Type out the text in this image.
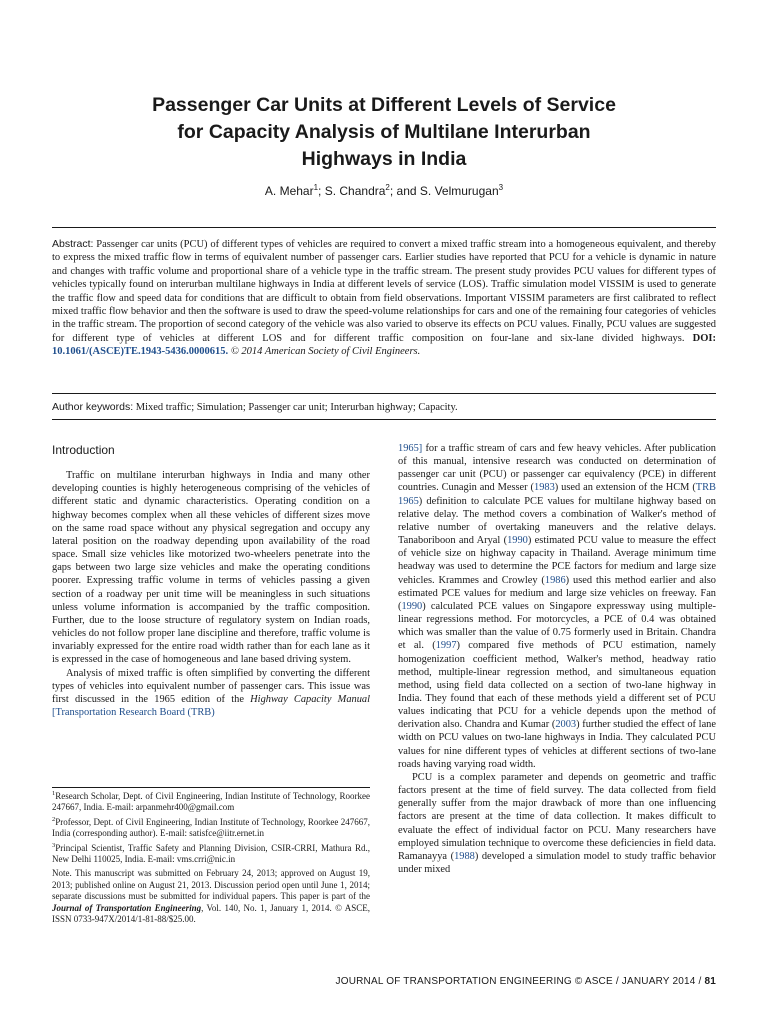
Passenger Car Units at Different Levels of Service
for Capacity Analysis of Multilane Interurban
Highways in India
A. Mehar$^1$; S. Chandra$^2$; and S. Velmurugan$^3$
Abstract: Passenger car units (PCU) of different types of vehicles are required to convert a mixed traffic stream into a homogeneous equivalent, and thereby to express the mixed traffic flow in terms of equivalent number of passenger cars. Earlier studies have reported that PCU for a vehicle is dynamic in nature and changes with traffic volume and proportional share of a vehicle type in the traffic stream. The present study provides PCU values for different types of vehicles typically found on interurban multilane highways in India at different levels of service (LOS). Traffic simulation model VISSIM is used to generate the traffic flow and speed data for conditions that are difficult to obtain from field observations. Important VISSIM parameters are first calibrated to reflect mixed traffic flow behavior and then the software is used to draw the speed-volume relationships for cars and one of the remaining four categories of vehicles in the traffic stream. The proportion of second category of the vehicle was also varied to observe its effects on PCU values. Finally, PCU values are suggested for different type of vehicles at different LOS and for different traffic composition on four-lane and six-lane divided highways. DOI: 10.1061/(ASCE)TE.1943-5436.0000615. © 2014 American Society of Civil Engineers.
Author keywords: Mixed traffic; Simulation; Passenger car unit; Interurban highway; Capacity.
Introduction

Traffic on multilane interurban highways in India and many other developing counties is highly heterogeneous comprising of the vehicles of different static and dynamic characteristics. Operating condition on a highway becomes complex when all these vehicles of different sizes move on the same road space without any physical segregation and occupy any lateral position on the roadway depending upon availability of the road space. Small size vehicles like motorized two-wheelers penetrate into the gaps between two large size vehicles and make the operating conditions poorer. Expressing traffic volume in terms of vehicles passing a given section of a roadway per unit time will be meaningless in such situations unless volume information is accompanied by the traffic composition. Further, due to the loose structure of regulatory system on Indian roads, vehicles do not follow proper lane discipline and therefore, traffic volume is invariably expressed for the entire road width rather than for each lane as it is expressed in the case of homogeneous and lane based driving system.

Analysis of mixed traffic is often simplified by converting the different types of vehicles into equivalent number of passenger cars. This issue was first discussed in the 1965 edition of the Highway Capacity Manual [Transportation Research Board (TRB)

$^1$Research Scholar, Dept. of Civil Engineering, Indian Institute of Technology, Roorkee 247667, India. E-mail: arpanmehr400@gmail.com

$^2$Professor, Dept. of Civil Engineering, Indian Institute of Technology, Roorkee 247667, India (corresponding author). E-mail: satisfce@iitr.ernet.in

$^3$Principal Scientist, Traffic Safety and Planning Division, CSIR-CRRI, Mathura Rd., New Delhi 110025, India. E-mail: vms.crri@nic.in

Note. This manuscript was submitted on February 24, 2013; approved on August 19, 2013; published online on August 21, 2013. Discussion period open until June 1, 2014; separate discussions must be submitted for individual papers. This paper is part of the Journal of Transportation Engineering, Vol. 140, No. 1, January 1, 2014. © ASCE, ISSN 0733-947X/2014/1-81-88/$25.00.

1965] for a traffic stream of cars and few heavy vehicles. After publication of this manual, intensive research was conducted on determination of passenger car unit (PCU) or passenger car equivalency (PCE) in different countries. Cunagin and Messer (1983) used an extension of the HCM (TRB 1965) definition to calculate PCE values for multilane highway based on relative delay. The method covers a combination of Walker's method of relative number of overtaking maneuvers and the relative delays. Tanaboriboon and Aryal (1990) estimated PCU value to measure the effect of vehicle size on highway capacity in Thailand. Average minimum time headway was used to determine the PCE factors for medium and large size vehicles. Krammes and Crowley (1986) used this method earlier and also estimated PCE values for medium and large size vehicles on freeway. Fan (1990) calculated PCE values on Singapore expressway using multiple-linear regressions method. For motorcycles, a PCE of 0.4 was obtained which was smaller than the value of 0.75 formerly used in Britain. Chandra et al. (1997) compared five methods of PCU estimation, namely homogenization coefficient method, Walker's method, headway ratio method, multiple-linear regression method, and simultaneous equation method, using field data collected on a section of two-lane highway in India. They found that each of these methods yield a different set of PCU values indicating that PCU for a vehicle depends upon the method of derivation also. Chandra and Kumar (2003) further studied the effect of lane width on PCU values on two-lane highways in India. They calculated PCU values for nine different types of vehicles at different sections of two-lane roads having varying road width.

PCU is a complex parameter and depends on geometric and traffic factors present at the time of field survey. The data collected from field generally suffer from the major drawback of more than one influencing factors are present at the time of data collection. It makes difficult to evaluate the effect of individual factor on PCU. Many researchers have employed simulation technique to overcome these deficiencies in field data. Ramanayya (1988) developed a simulation model to study traffic behavior under mixed

JOURNAL OF TRANSPORTATION ENGINEERING © ASCE / JANUARY 2014 / 81
